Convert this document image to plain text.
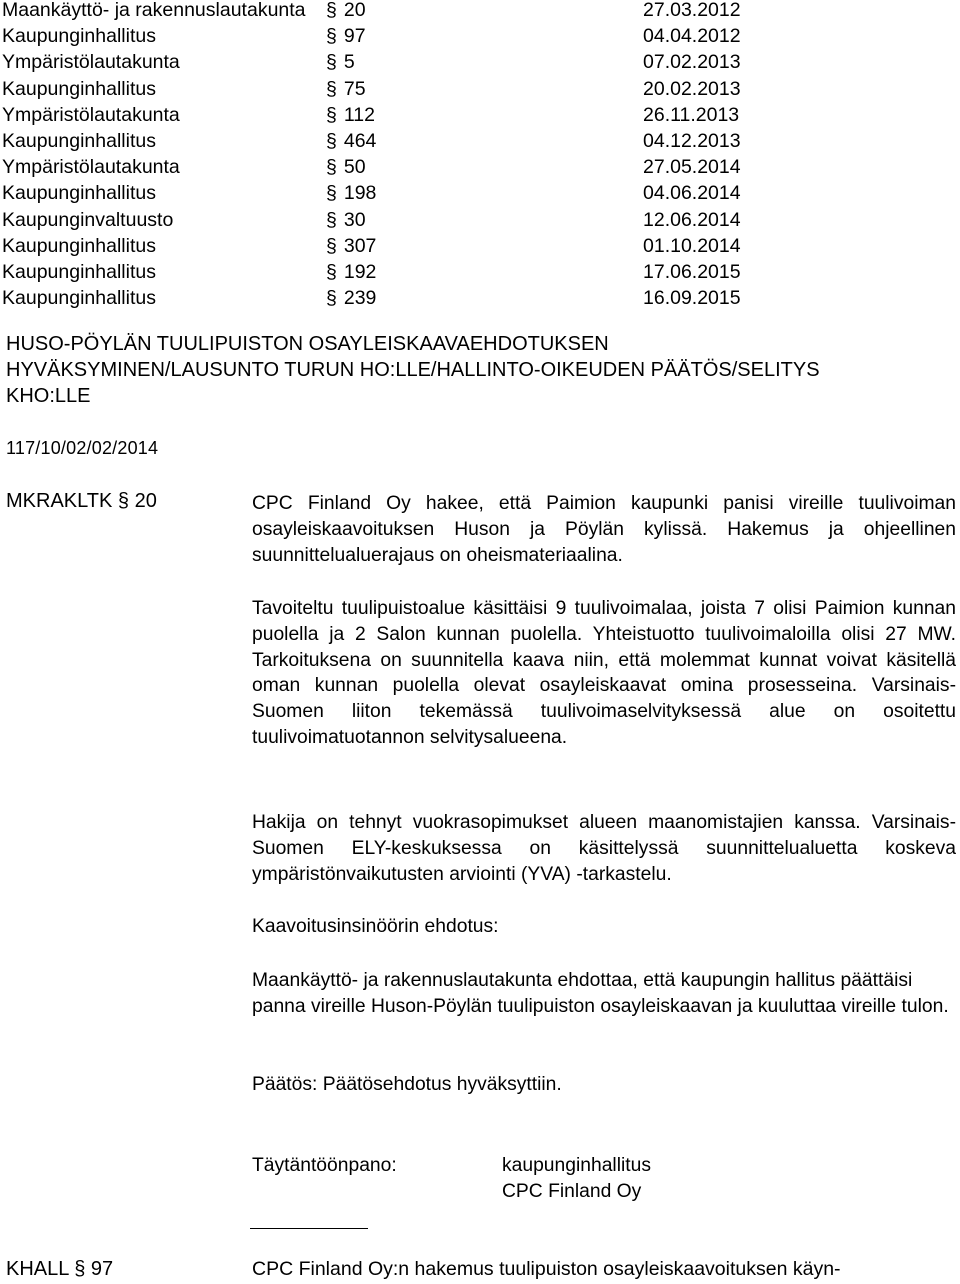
Maankäyttö- ja rakennuslautakunta § 20	27.03.2012
Kaupunginhallitus	§ 97	04.04.2012
Ympäristölautakunta	§ 5	07.02.2013
Kaupunginhallitus	§ 75	20.02.2013
Ympäristölautakunta	§ 112	26.11.2013
Kaupunginhallitus	§ 464	04.12.2013
Ympäristölautakunta	§ 50	27.05.2014
Kaupunginhallitus	§ 198	04.06.2014
Kaupunginvaltuusto	§ 30	12.06.2014
Kaupunginhallitus	§ 307	01.10.2014
Kaupunginhallitus	§ 192	17.06.2015
Kaupunginhallitus	§ 239	16.09.2015
HUSO-PÖYLÄN TUULIPUISTON OSAYLEISKAAVAEHDOTUKSEN
HYVÄKSYMINEN/LAUSUNTO TURUN HO:LLE/HALLINTO-OIKEUDEN PÄÄTÖS/SELITYS
KHO:LLE
117/10/02/02/2014
MKRAKLTK § 20	CPC Finland Oy hakee, että Paimion kaupunki panisi vireille tuulivoiman osayleiskaavoituksen Huson ja Pöylän kylissä. Hakemus ja ohjeellinen suunnittelualuerajaus on oheismateriaalina.

Tavoiteltu tuulipuistoalue käsittäisi 9 tuulivoimalaa, joista 7 olisi Paimion kunnan puolella ja 2 Salon kunnan puolella. Yhteistuotto tuulivoimaloilla olisi 27 MW. Tarkoituksena on suunnitella kaava niin, että molemmat kunnat voivat käsitellä oman kunnan puolella olevat osayleiskaavat omina prosesseina. Varsinais-Suomen liiton tekemässä tuulivoimaselvityksessä alue on osoitettu tuulivoimatuotannon selvitysalueena.

Hakija on tehnyt vuokrasopimukset alueen maanomistajien kanssa. Varsinais-Suomen ELY-keskuksessa on käsittelyssä suunnittelualuetta koskeva ympäristönvaikutusten arviointi (YVA) -tarkastelu.

Kaavoitusinsinöörin ehdotus:

Maankäyttö- ja rakennuslautakunta ehdottaa, että kaupungin hallitus päättäisi panna vireille Huson-Pöylän tuulipuiston osayleiskaavan ja kuuluttaa vireille tulon.

Päätös: Päätösehdotus hyväksyttiin.

Täytäntöönpano:	kaupunginhallitus
CPC Finland Oy
KHALL § 97	CPC Finland Oy:n hakemus tuulipuiston osayleiskaavoituksen käyn-
